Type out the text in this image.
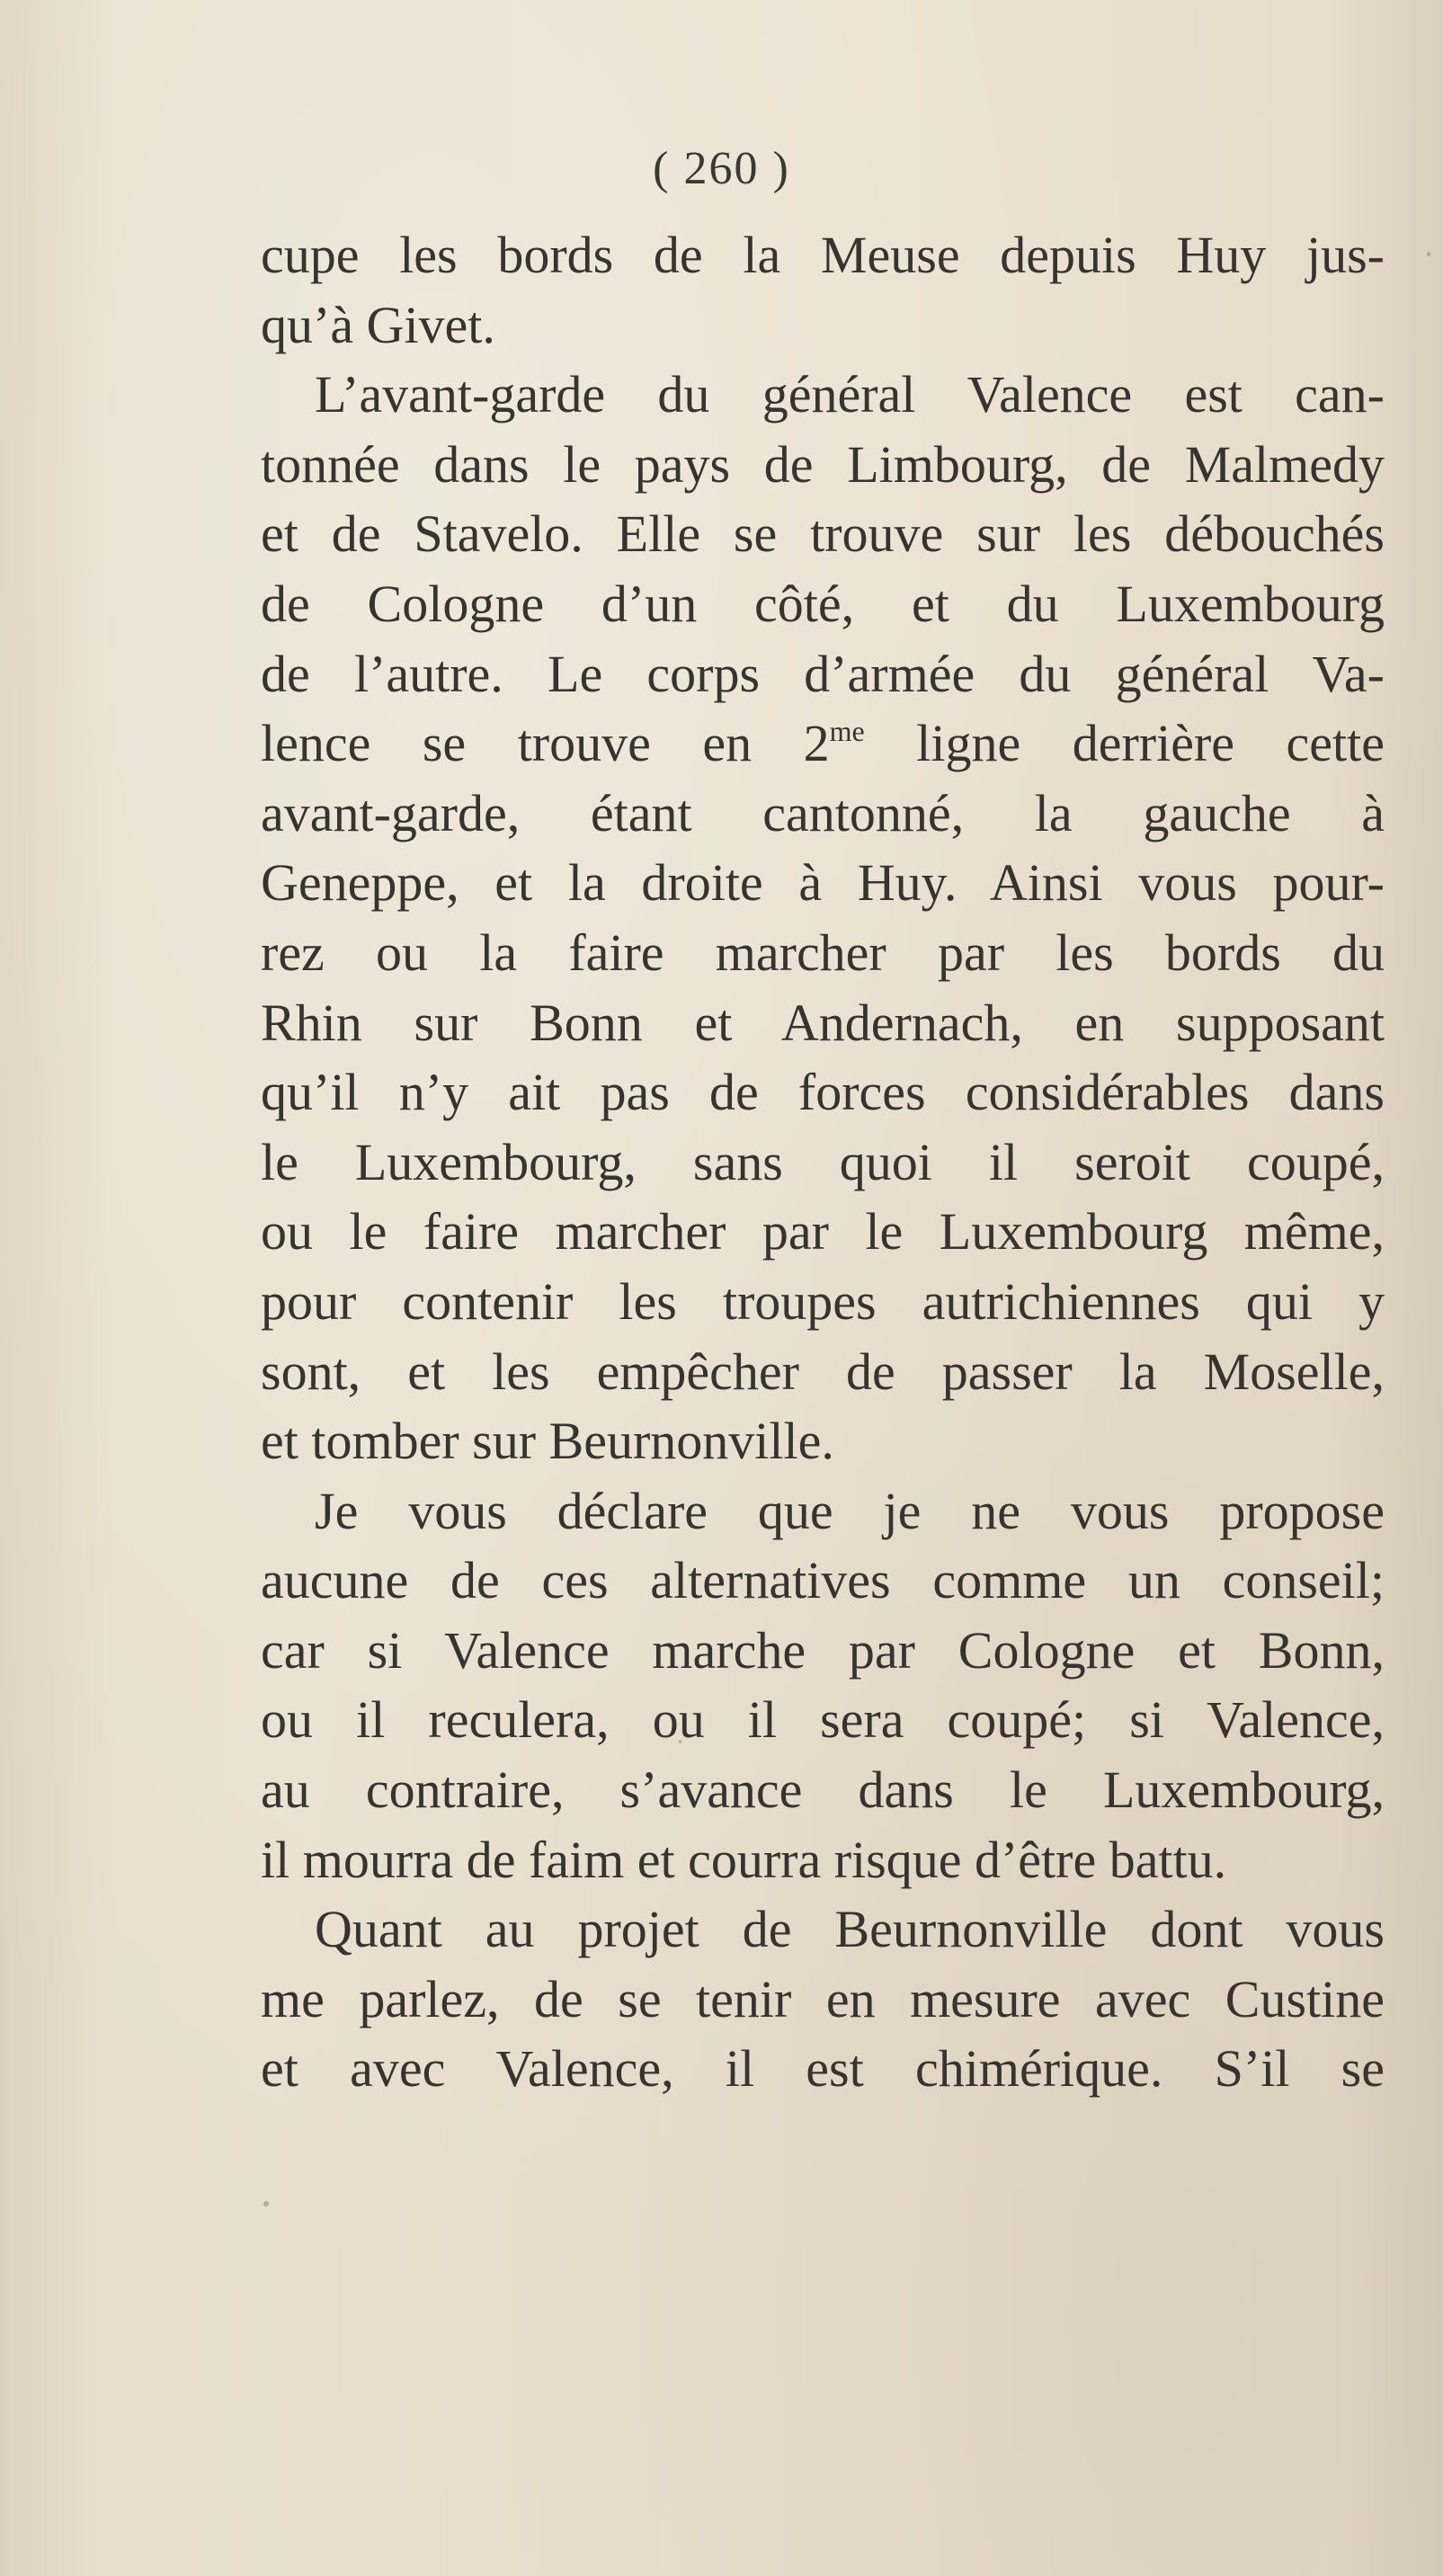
( 260 )
cupe les bords de la Meuse depuis Huy jus-
qu’à Givet.
L’avant-garde du général Valence est can-
tonnée dans le pays de Limbourg, de Malmedy
et de Stavelo. Elle se trouve sur les débouchés
de Cologne d’un côté, et du Luxembourg
de l’autre. Le corps d’armée du général Va-
lence se trouve en $2^{me}$ ligne derrière cette
avant-garde, étant cantonné, la gauche à
Geneppe, et la droite à Huy. Ainsi vous pour-
rez ou la faire marcher par les bords du
Rhin sur Bonn et Andernach, en supposant
qu’il n’y ait pas de forces considérables dans
le Luxembourg, sans quoi il seroit coupé,
ou le faire marcher par le Luxembourg même,
pour contenir les troupes autrichiennes qui y
sont, et les empêcher de passer la Moselle,
et tomber sur Beurnonville.
Je vous déclare que je ne vous propose
aucune de ces alternatives comme un conseil;
car si Valence marche par Cologne et Bonn,
ou il reculera, ou il sera coupé; si Valence,
au contraire, s’avance dans le Luxembourg,
il mourra de faim et courra risque d’être battu.
Quant au projet de Beurnonville dont vous
me parlez, de se tenir en mesure avec Custine
et avec Valence, il est chimérique. S’il se
